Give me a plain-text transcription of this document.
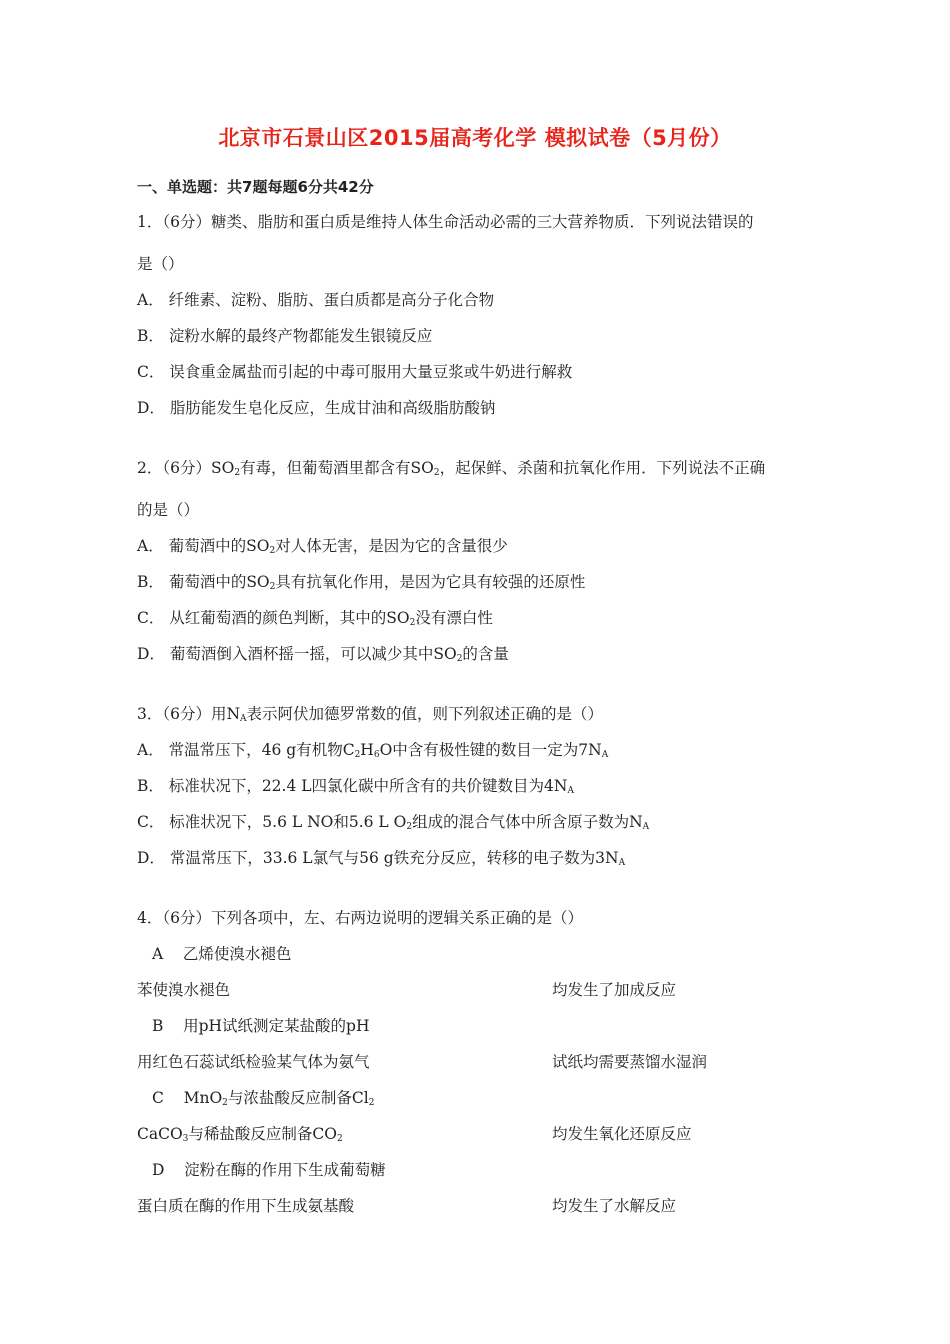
北京市石景山区2015届高考化学 模拟试卷（5月份）
一、单选题：共7题每题6分共42分
1．（6分）糖类、脂肪和蛋白质是维持人体生命活动必需的三大营养物质．下列说法错误的
是（）
A． 纤维素、淀粉、脂肪、蛋白质都是高分子化合物
B． 淀粉水解的最终产物都能发生银镜反应
C． 误食重金属盐而引起的中毒可服用大量豆浆或牛奶进行解救
D． 脂肪能发生皂化反应，生成甘油和高级脂肪酸钠
2．（6分）$SO_2$有毒，但葡萄酒里都含有$SO_2$，起保鲜、杀菌和抗氧化作用．下列说法不正确
的是（）
A． 葡萄酒中的$SO_2$对人体无害，是因为它的含量很少
B． 葡萄酒中的$SO_2$具有抗氧化作用，是因为它具有较强的还原性
C． 从红葡萄酒的颜色判断，其中的$SO_2$没有漂白性
D． 葡萄酒倒入酒杯摇一摇，可以减少其中$SO_2$的含量
3．（6分）用$N_A$表示阿伏加德罗常数的值，则下列叙述正确的是（）
A． 常温常压下，46 g有机物$C_2H_6O$中含有极性键的数目一定为$7N_A$
B． 标准状况下，22.4 L四氯化碳中所含有的共价键数目为$4N_A$
C． 标准状况下，5.6 L NO和5.6 L $O_2$组成的混合气体中所含原子数为$N_A$
D． 常温常压下，33.6 L氯气与56 g铁充分反应，转移的电子数为$3N_A$
4．（6分）下列各项中，左、右两边说明的逻辑关系正确的是（）
A 乙烯使溴水褪色
苯使溴水褪色	均发生了加成反应
B 用pH试纸测定某盐酸的pH
用红色石蕊试纸检验某气体为氨气	试纸均需要蒸馏水湿润
C MnO$_2$与浓盐酸反应制备$Cl_2$
CaCO$_3$与稀盐酸反应制备$CO_2$	均发生氧化还原反应
D 淀粉在酶的作用下生成葡萄糖
蛋白质在酶的作用下生成氨基酸	均发生了水解反应
